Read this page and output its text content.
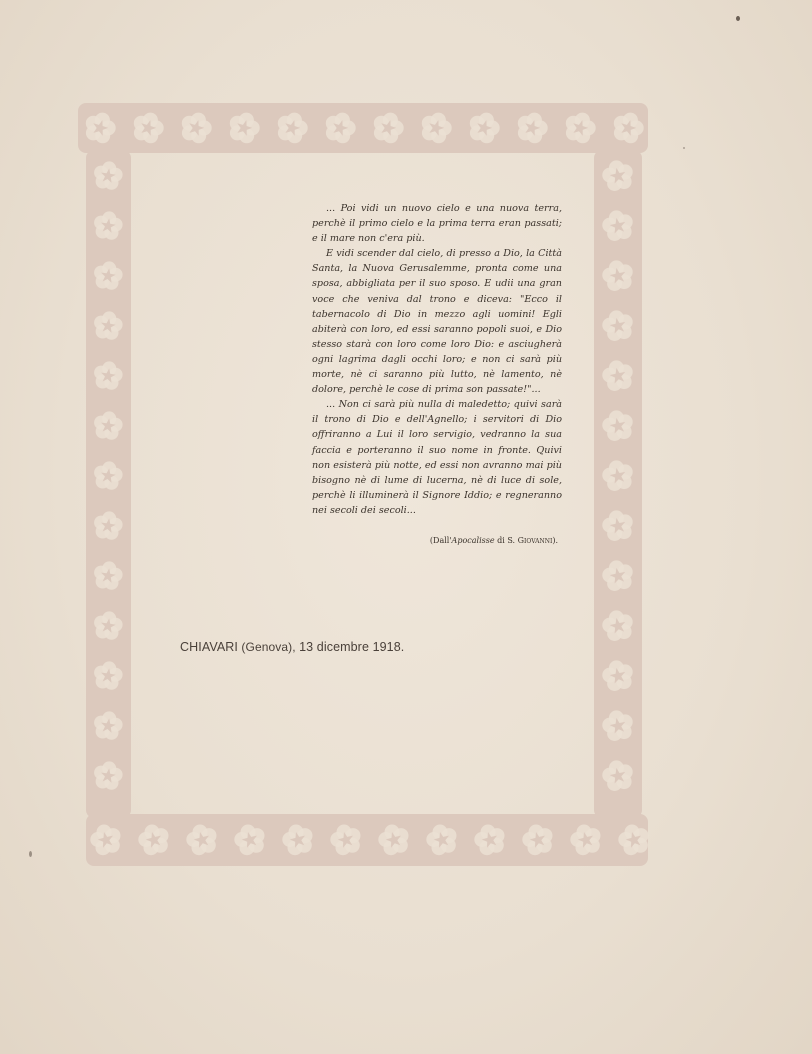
... Poi vidi un nuovo cielo e una nuova terra, perchè il primo cielo e la prima terra eran passati; e il mare non c'era più.

E vidi scender dal cielo, di presso a Dio, la Città Santa, la Nuova Gerusalemme, pronta come una sposa, abbigliata per il suo sposo. E udii una gran voce che veniva dal trono e diceva: "Ecco il tabernacolo di Dio in mezzo agli uomini! Egli abiterà con loro, ed essi saranno popoli suoi, e Dio stesso starà con loro come loro Dio: e asciugherà ogni lagrima dagli occhi loro; e non ci sarà più morte, nè ci saranno più lutto, nè lamento, nè dolore, perchè le cose di prima son passate!"...

... Non ci sarà più nulla di maledetto; quivi sarà il trono di Dio e dell'Agnello; i servitori di Dio offriranno a Lui il loro servigio, vedranno la sua faccia e porteranno il suo nome in fronte. Quivi non esisterà più notte, ed essi non avranno mai più bisogno nè di lume di lucerna, nè di luce di sole, perchè li illuminerà il Signore Iddio; e regneranno nei secoli dei secoli...

(Dall'Apocalisse di S. Giovanni).
CHIAVARI (Genova), 13 dicembre 1918.
